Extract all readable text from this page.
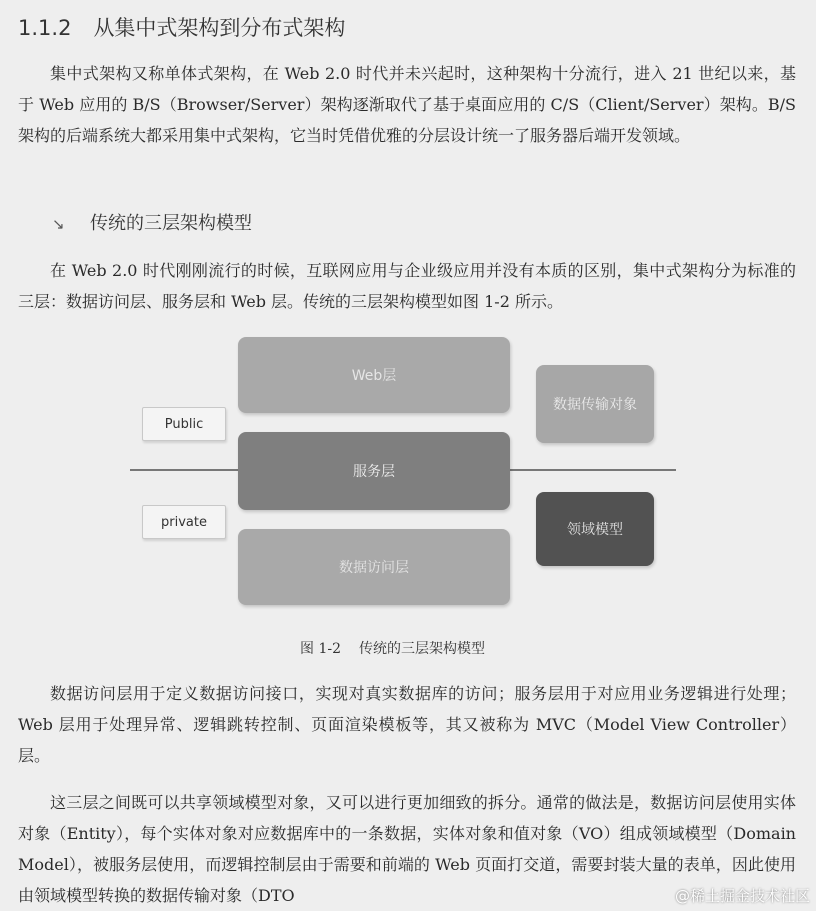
1.1.2 从集中式架构到分布式架构

集中式架构又称单体式架构，在 Web 2.0 时代并未兴起时，这种架构十分流行，进入 21 世纪以来，基于 Web 应用的 B/S（Browser/Server）架构逐渐取代了基于桌面应用的 C/S（Client/Server）架构。B/S 架构的后端系统大都采用集中式架构，它当时凭借优雅的分层设计统一了服务器后端开发领域。

↘ 传统的三层架构模型

在 Web 2.0 时代刚刚流行的时候，互联网应用与企业级应用并没有本质的区别，集中式架构分为标准的三层：数据访问层、服务层和 Web 层。传统的三层架构模型如图 1-2 所示。

Web层
服务层
数据访问层
Public
private
数据传输对象
领域模型
图 1-2 传统的三层架构模型

数据访问层用于定义数据访问接口，实现对真实数据库的访问；服务层用于对应用业务逻辑进行处理；Web 层用于处理异常、逻辑跳转控制、页面渲染模板等，其又被称为 MVC（Model View Controller）层。

这三层之间既可以共享领域模型对象，又可以进行更加细致的拆分。通常的做法是，数据访问层使用实体对象（Entity），每个实体对象对应数据库中的一条数据，实体对象和值对象（VO）组成领域模型（Domain Model），被服务层使用，而逻辑控制层由于需要和前端的 Web 页面打交道，需要封装大量的表单，因此使用由领域模型转换的数据传输对象（DTO	@稀土掘金技术社区
